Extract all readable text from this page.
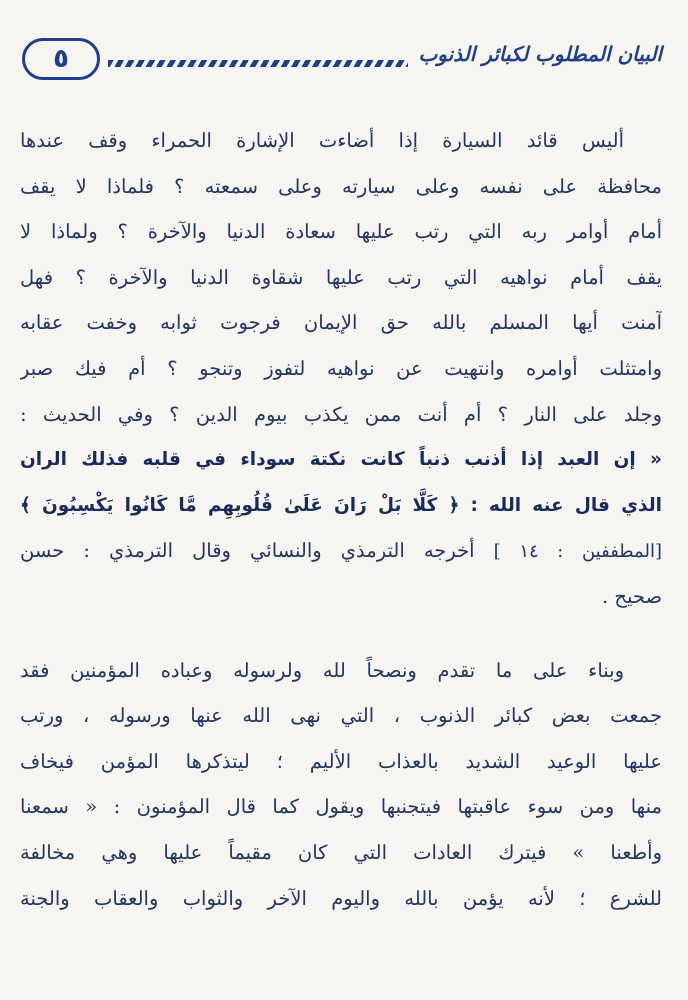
٥	البيان المطلوب لكبائر الذنوب
أليس قائد السيارة إذا أضاءت الإشارة الحمراء وقف عندها
محافظة على نفسه وعلى سيارته وعلى سمعته ؟ فلماذا لا يقف
أمام أوامر ربه التي رتب عليها سعادة الدنيا والآخرة ؟ ولماذا لا
يقف أمام نواهيه التي رتب عليها شقاوة الدنيا والآخرة ؟ فهل
آمنت أيها المسلم بالله حق الإيمان فرجوت ثوابه وخفت عقابه
وامتثلت أوامره وانتهيت عن نواهيه لتفوز وتنجو ؟ أم فيك صبر
وجلد على النار ؟ أم أنت ممن يكذب بيوم الدين ؟ وفي الحديث :
« إن العبد إذا أذنب ذنباً كانت نكتة سوداء في قلبه فذلك الران
الذي قال عنه الله : ﴿ كَلَّا بَلْ رَانَ عَلَىٰ قُلُوبِهِم مَّا كَانُوا يَكْسِبُونَ ﴾
[المطففين : ١٤ ] أخرجه الترمذي والنسائي وقال الترمذي : حسن
صحيح .
وبناء على ما تقدم ونصحاً لله ولرسوله وعباده المؤمنين فقد
جمعت بعض كبائر الذنوب ، التي نهى الله عنها ورسوله ، ورتب
عليها الوعيد الشديد بالعذاب الأليم ؛ ليتذكرها المؤمن فيخاف
منها ومن سوء عاقبتها فيتجنبها ويقول كما قال المؤمنون : « سمعنا
وأطعنا » فيترك العادات التي كان مقيماً عليها وهي مخالفة
للشرع ؛ لأنه يؤمن بالله واليوم الآخر والثواب والعقاب والجنة
